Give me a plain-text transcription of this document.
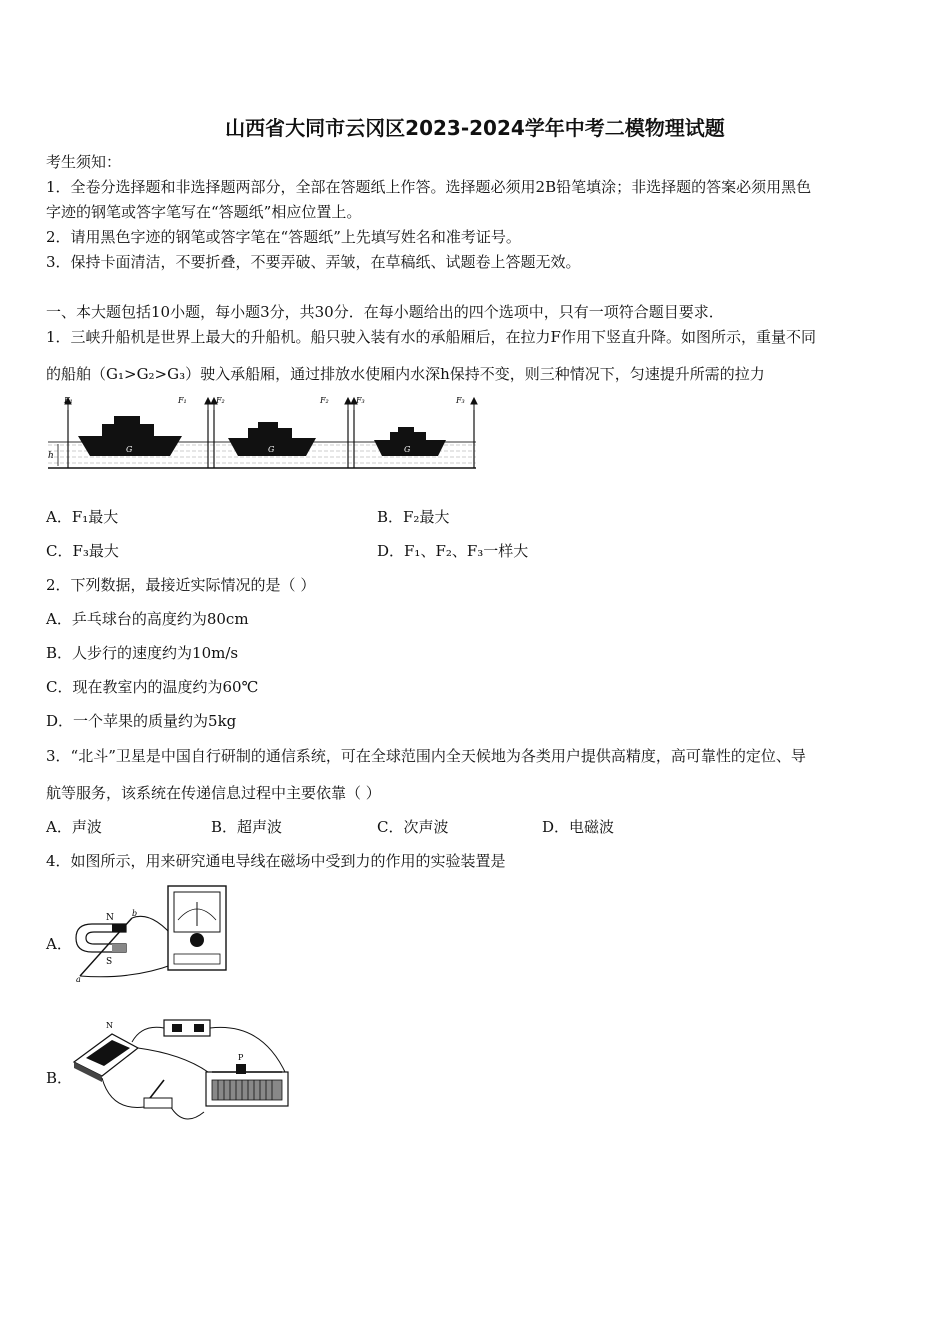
山西省大同市云冈区2023-2024学年中考二模物理试题
考生须知：
1．全卷分选择题和非选择题两部分，全部在答题纸上作答。选择题必须用2B铅笔填涂；非选择题的答案必须用黑色
字迹的钢笔或答字笔写在“答题纸”相应位置上。
2．请用黑色字迹的钢笔或答字笔在“答题纸”上先填写姓名和准考证号。
3．保持卡面清洁，不要折叠，不要弄破、弄皱，在草稿纸、试题卷上答题无效。
一、本大题包括10小题，每小题3分，共30分．在每小题给出的四个选项中，只有一项符合题目要求．
1．三峡升船机是世界上最大的升船机。船只驶入装有水的承船厢后，在拉力F作用下竖直升降。如图所示，重量不同
的船舶（G₁>G₂>G₃）驶入承船厢，通过排放水使厢内水深h保持不变，则三种情况下，匀速提升所需的拉力
F₁	F₁	F₂	F₂	F₃	F₃
G	G	G
h
A．F₁最大	B．F₂最大
C．F₃最大	D．F₁、F₂、F₃一样大
2．下列数据，最接近实际情况的是（ ）
A．乒乓球台的高度约为80cm
B．人步行的速度约为10m/s
C．现在教室内的温度约为60℃
D．一个苹果的质量约为5kg
3．“北斗”卫星是中国自行研制的通信系统，可在全球范围内全天候地为各类用户提供高精度，高可靠性的定位、导
航等服务，该系统在传递信息过程中主要依靠（ ）
A．声波	B．超声波	C．次声波	D．电磁波
4．如图所示，用来研究通电导线在磁场中受到力的作用的实验装置是
A．
N
S
a
b
B．
N
P
